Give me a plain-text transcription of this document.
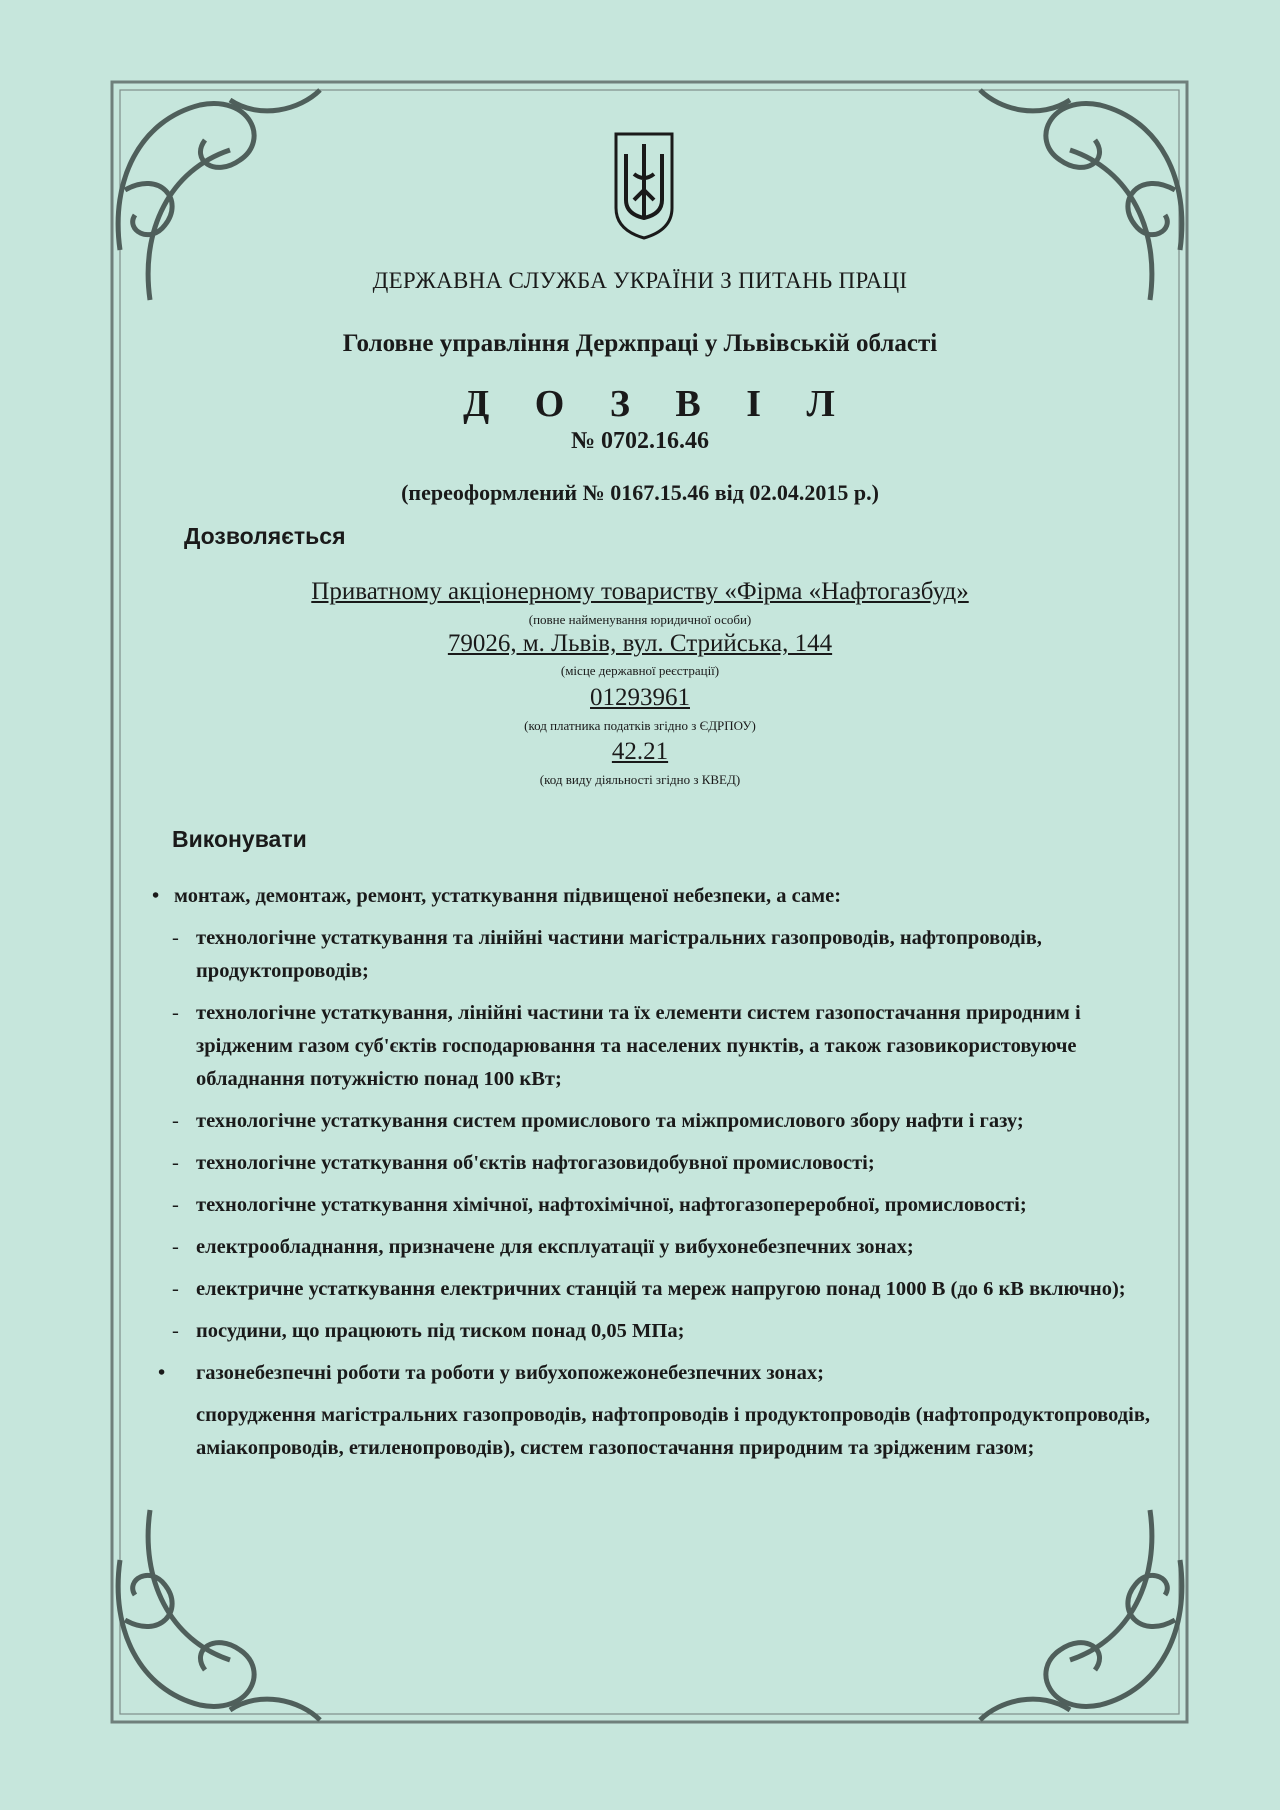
ДЕРЖАВНА СЛУЖБА УКРАЇНИ З ПИТАНЬ ПРАЦІ
Головне управління Держпраці у Львівській області
Д О З В І Л
№ 0702.16.46
(переоформлений № 0167.15.46 від 02.04.2015 р.)
Дозволяється
Приватному акціонерному товариству «Фірма «Нафтогазбуд»
(повне найменування юридичної особи)
79026, м. Львів, вул. Стрийська, 144
(місце державної реєстрації)
01293961
(код платника податків згідно з ЄДРПОУ)
42.21
(код виду діяльності згідно з КВЕД)
Виконувати
• монтаж, демонтаж, ремонт, устаткування підвищеної небезпеки, а саме:
- технологічне устаткування та лінійні частини магістральних газопроводів, нафтопроводів, продуктопроводів;
- технологічне устаткування, лінійні частини та їх елементи систем газопостачання природним і зрідженим газом суб'єктів господарювання та населених пунктів, а також газовикористовуюче обладнання потужністю понад 100 кВт;
- технологічне устаткування систем промислового та міжпромислового збору нафти і газу;
- технологічне устаткування об'єктів нафтогазовидобувної промисловості;
- технологічне устаткування хімічної, нафтохімічної, нафтогазопереробної, промисловості;
- електрообладнання, призначене для експлуатації у вибухонебезпечних зонах;
- електричне устаткування електричних станцій та мереж напругою понад 1000 В (до 6 кВ включно);
- посудини, що працюють під тиском понад 0,05 МПа;
•	газонебезпечні роботи та роботи у вибухопожежонебезпечних зонах;
спорудження магістральних газопроводів, нафтопроводів і продуктопроводів (нафтопродуктопроводів, аміакопроводів, етиленопроводів), систем газопостачання природним та зрідженим газом;
